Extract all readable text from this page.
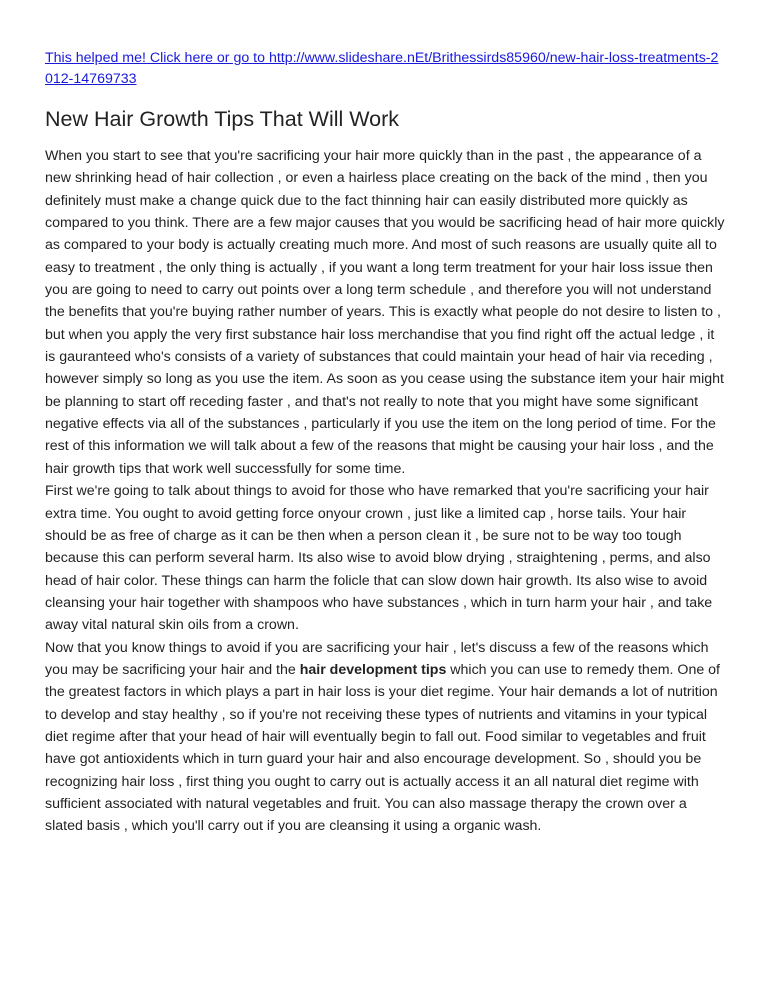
This helped me! Click here or go to http://www.slideshare.nEt/Brithessirds85960/new-hair-loss-treatments-2012-14769733
New Hair Growth Tips That Will Work

When you start to see that you're sacrificing your hair more quickly than in the past , the appearance of a new shrinking head of hair collection , or even a hairless place creating on the back of the mind , then you definitely must make a change quick due to the fact thinning hair can easily distributed more quickly as compared to you think. There are a few major causes that you would be sacrificing head of hair more quickly as compared to your body is actually creating much more. And most of such reasons are usually quite all to easy to treatment , the only thing is actually , if you want a long term treatment for your hair loss issue then you are going to need to carry out points over a long term schedule , and therefore you will not understand the benefits that you're buying rather number of years. This is exactly what people do not desire to listen to , but when you apply the very first substance hair loss merchandise that you find right off the actual ledge , it is gauranteed who's consists of a variety of substances that could maintain your head of hair via receding , however simply so long as you use the item. As soon as you cease using the substance item your hair might be planning to start off receding faster , and that's not really to note that you might have some significant negative effects via all of the substances , particularly if you use the item on the long period of time. For the rest of this information we will talk about a few of the reasons that might be causing your hair loss , and the hair growth tips that work well successfully for some time.

First we're going to talk about things to avoid for those who have remarked that you're sacrificing your hair extra time. You ought to avoid getting force onyour crown , just like a limited cap , horse tails. Your hair should be as free of charge as it can be then when a person clean it , be sure not to be way too tough because this can perform several harm. Its also wise to avoid blow drying , straightening , perms, and also head of hair color. These things can harm the folicle that can slow down hair growth. Its also wise to avoid cleansing your hair together with shampoos who have substances , which in turn harm your hair , and take away vital natural skin oils from a crown.

Now that you know things to avoid if you are sacrificing your hair , let's discuss a few of the reasons which you may be sacrificing your hair and the hair development tips which you can use to remedy them. One of the greatest factors in which plays a part in hair loss is your diet regime. Your hair demands a lot of nutrition to develop and stay healthy , so if you're not receiving these types of nutrients and vitamins in your typical diet regime after that your head of hair will eventually begin to fall out. Food similar to vegetables and fruit have got antioxidents which in turn guard your hair and also encourage development. So , should you be recognizing hair loss , first thing you ought to carry out is actually access it an all natural diet regime with sufficient associated with natural vegetables and fruit. You can also massage therapy the crown over a slated basis , which you'll carry out if you are cleansing it using a organic wash.
